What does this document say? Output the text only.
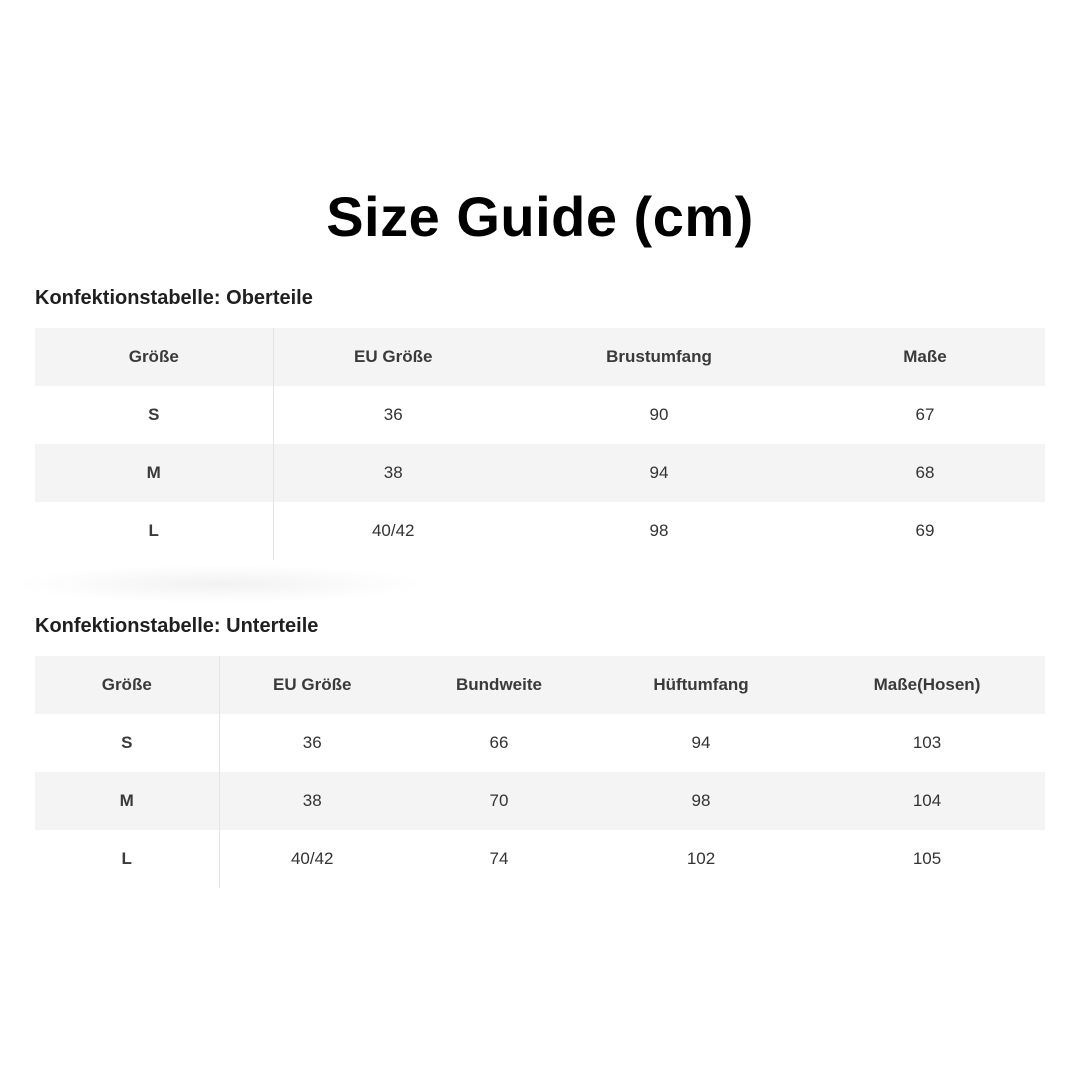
Size Guide (cm)
Konfektionstabelle: Oberteile
Größe	EU Größe	Brustumfang	Maße
S	36	90	67
M	38	94	68
L	40/42	98	69
Konfektionstabelle: Unterteile
Größe	EU Größe	Bundweite	Hüftumfang	Maße(Hosen)
S	36	66	94	103
M	38	70	98	104
L	40/42	74	102	105
